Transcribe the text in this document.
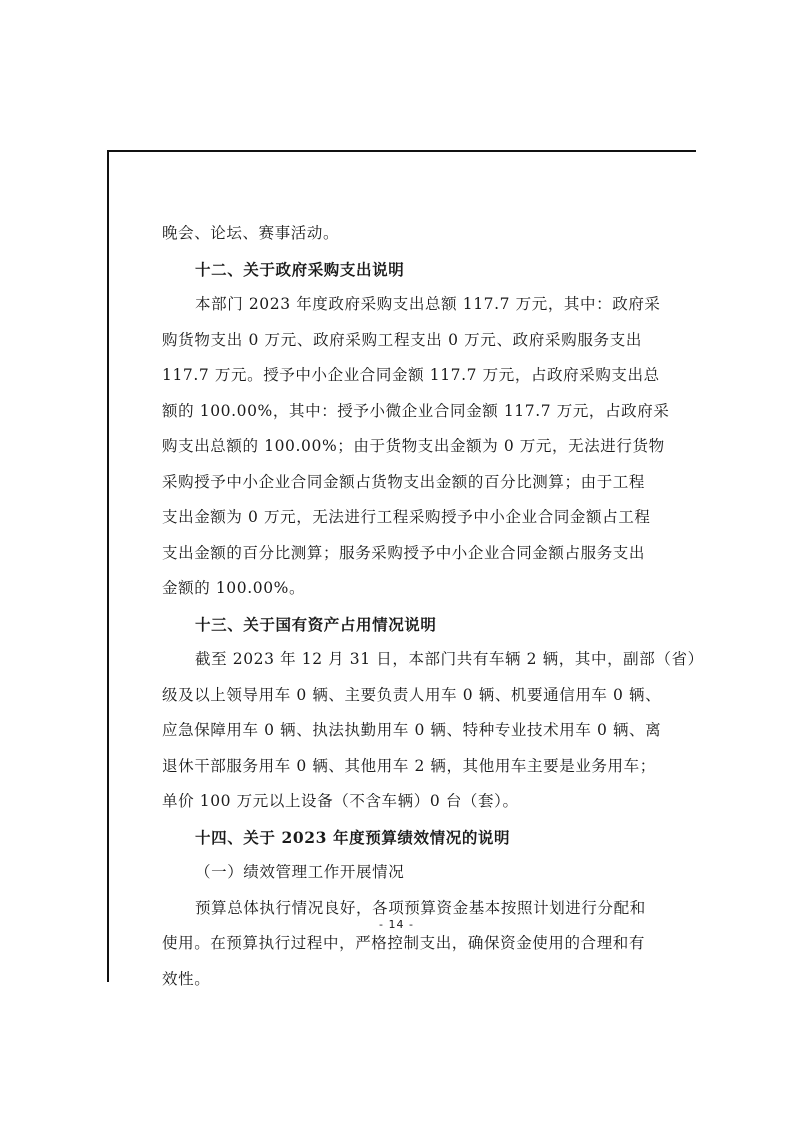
晚会、论坛、赛事活动。
十二、关于政府采购支出说明
本部门 2023 年度政府采购支出总额 117.7 万元，其中：政府采
购货物支出 0 万元、政府采购工程支出 0 万元、政府采购服务支出
117.7 万元。授予中小企业合同金额 117.7 万元，占政府采购支出总
额的 100.00%，其中：授予小微企业合同金额 117.7 万元，占政府采
购支出总额的 100.00%；由于货物支出金额为 0 万元，无法进行货物
采购授予中小企业合同金额占货物支出金额的百分比测算；由于工程
支出金额为 0 万元，无法进行工程采购授予中小企业合同金额占工程
支出金额的百分比测算；服务采购授予中小企业合同金额占服务支出
金额的 100.00%。
十三、关于国有资产占用情况说明
截至 2023 年 12 月 31 日，本部门共有车辆 2 辆，其中，副部（省）
级及以上领导用车 0 辆、主要负责人用车 0 辆、机要通信用车 0 辆、
应急保障用车 0 辆、执法执勤用车 0 辆、特种专业技术用车 0 辆、离
退休干部服务用车 0 辆、其他用车 2 辆，其他用车主要是业务用车；
单价 100 万元以上设备（不含车辆）0 台（套）。
十四、关于 2023 年度预算绩效情况的说明
（一）绩效管理工作开展情况
预算总体执行情况良好，各项预算资金基本按照计划进行分配和
使用。在预算执行过程中，严格控制支出，确保资金使用的合理和有
效性。
- 14 -
